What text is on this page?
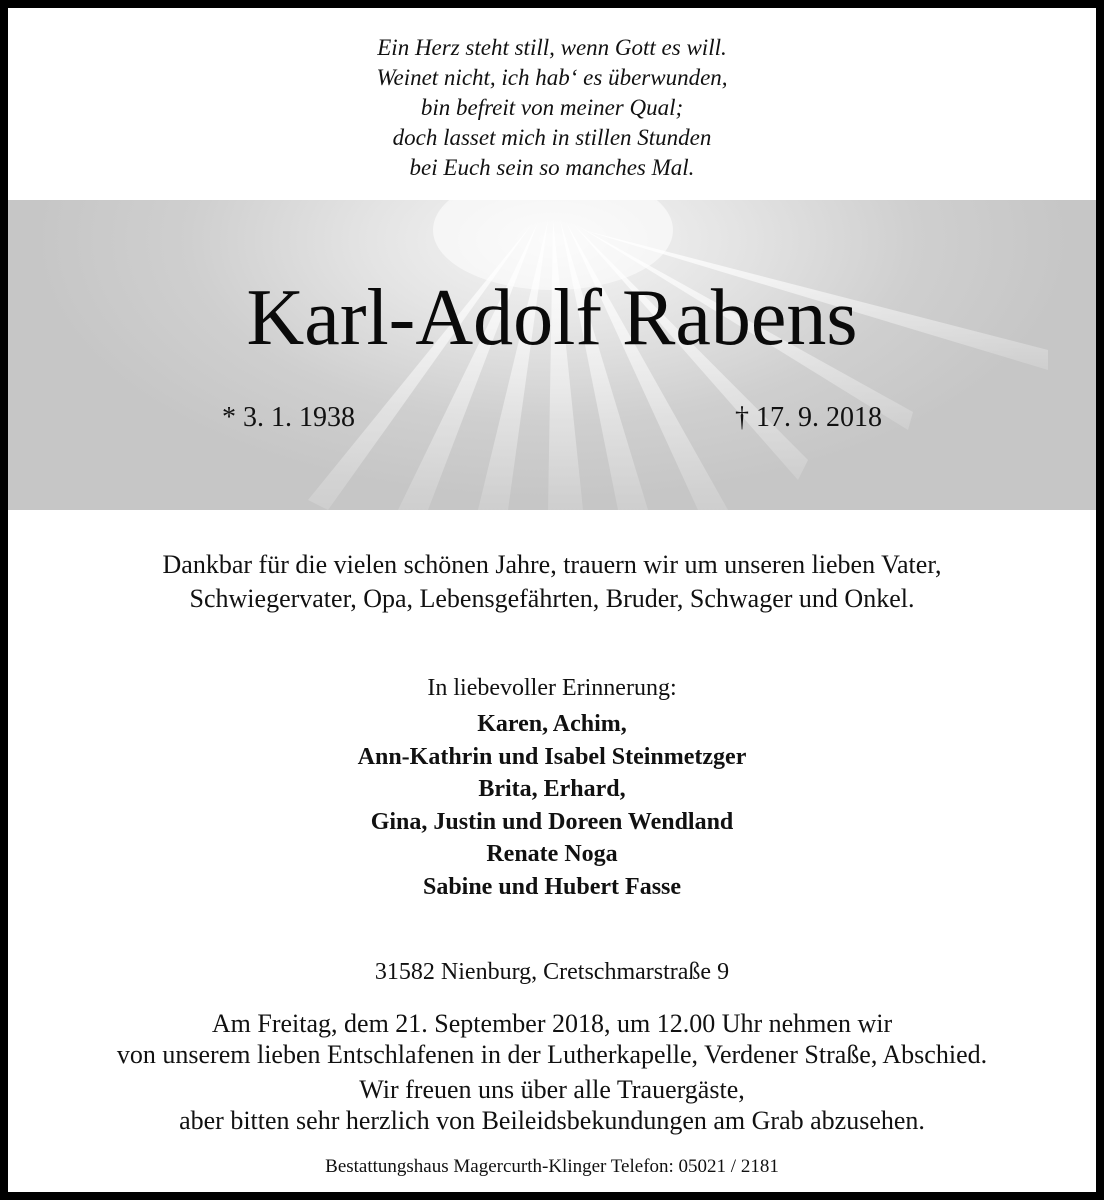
Ein Herz steht still, wenn Gott es will.
Weinet nicht, ich hab‘ es überwunden,
bin befreit von meiner Qual;
doch lasset mich in stillen Stunden
bei Euch sein so manches Mal.
Karl-Adolf Rabens
* 3. 1. 1938	† 17. 9. 2018
Dankbar für die vielen schönen Jahre, trauern wir um unseren lieben Vater,
Schwiegervater, Opa, Lebensgefährten, Bruder, Schwager und Onkel.
In liebevoller Erinnerung:
Karen, Achim,
Ann-Kathrin und Isabel Steinmetzger
Brita, Erhard,
Gina, Justin und Doreen Wendland
Renate Noga
Sabine und Hubert Fasse
31582 Nienburg, Cretschmarstraße 9
Am Freitag, dem 21. September 2018, um 12.00 Uhr nehmen wir
von unserem lieben Entschlafenen in der Lutherkapelle, Verdener Straße, Abschied.
Wir freuen uns über alle Trauergäste,
aber bitten sehr herzlich von Beileidsbekundungen am Grab abzusehen.
Bestattungshaus Magercurth-Klinger Telefon: 05021 / 2181
